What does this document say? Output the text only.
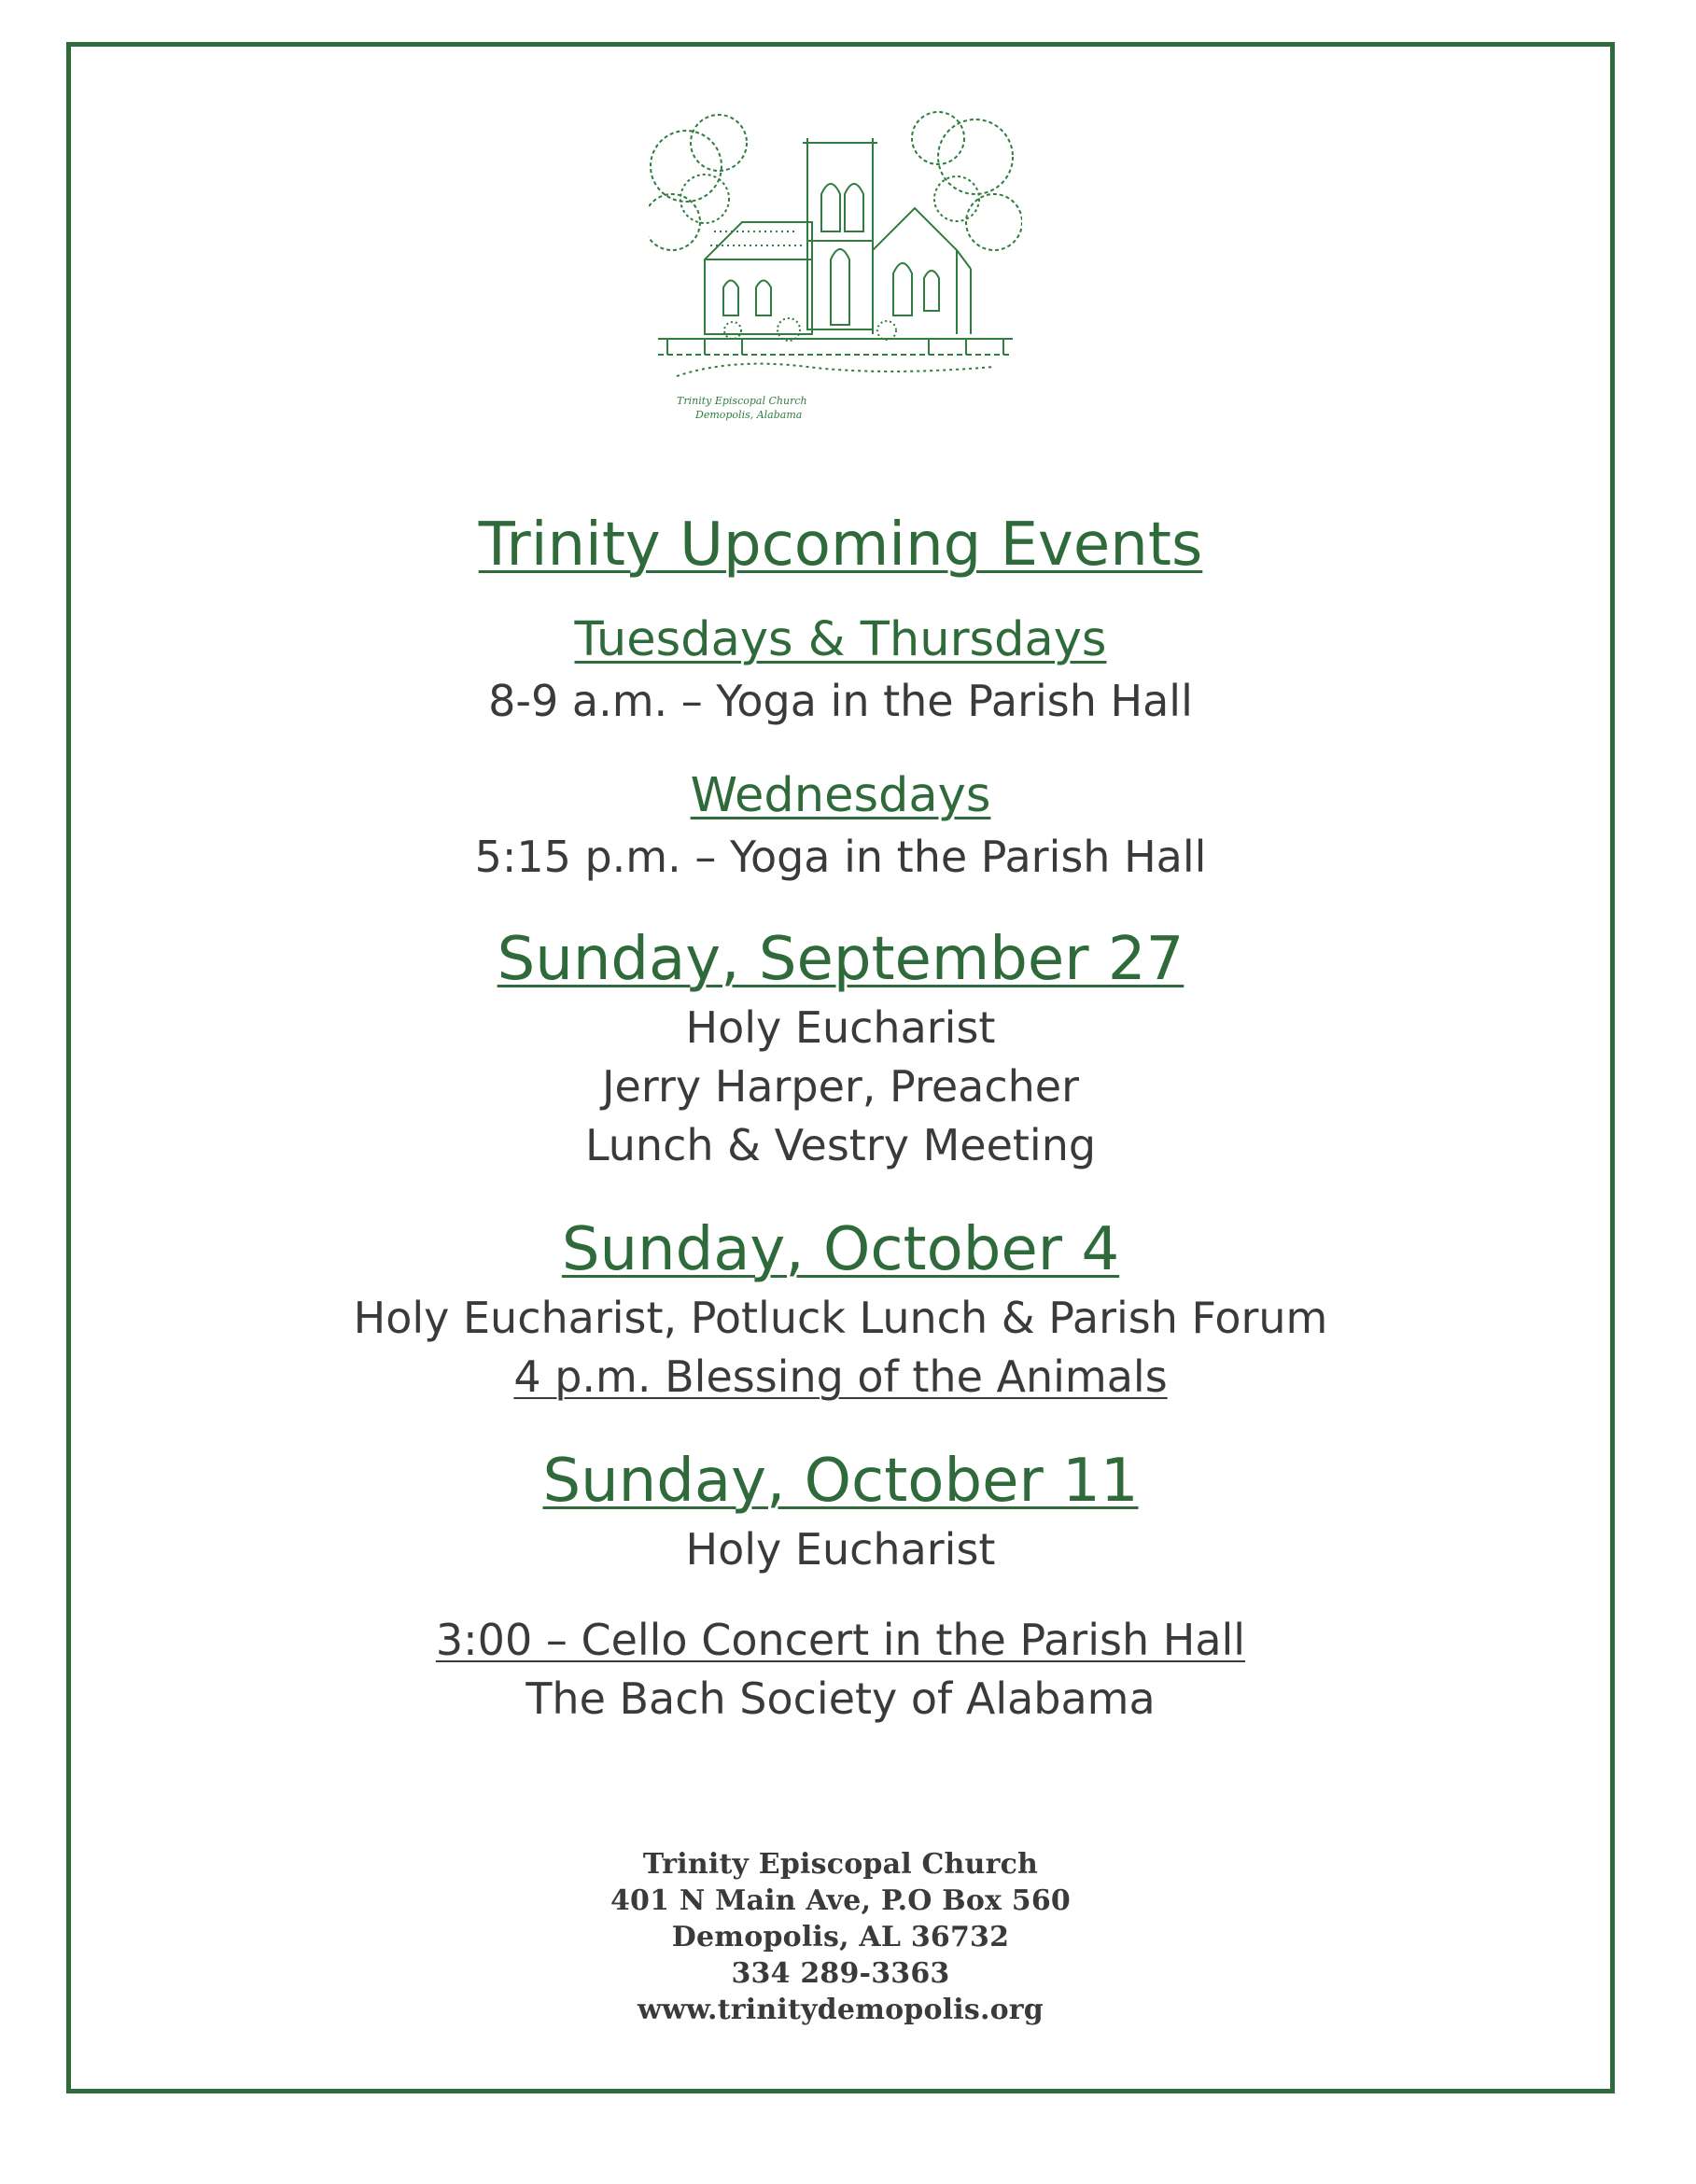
Trinity Episcopal Church
Demopolis, Alabama
Trinity Upcoming Events
Tuesdays & Thursdays
8-9 a.m. – Yoga in the Parish Hall
Wednesdays
5:15 p.m. – Yoga in the Parish Hall
Sunday, September 27
Holy Eucharist
Jerry Harper, Preacher
Lunch & Vestry Meeting
Sunday, October 4
Holy Eucharist, Potluck Lunch & Parish Forum
4 p.m. Blessing of the Animals
Sunday, October 11
Holy Eucharist
3:00 – Cello Concert in the Parish Hall
The Bach Society of Alabama
Trinity Episcopal Church
401 N Main Ave, P.O Box 560
Demopolis, AL 36732
334 289-3363
www.trinitydemopolis.org
